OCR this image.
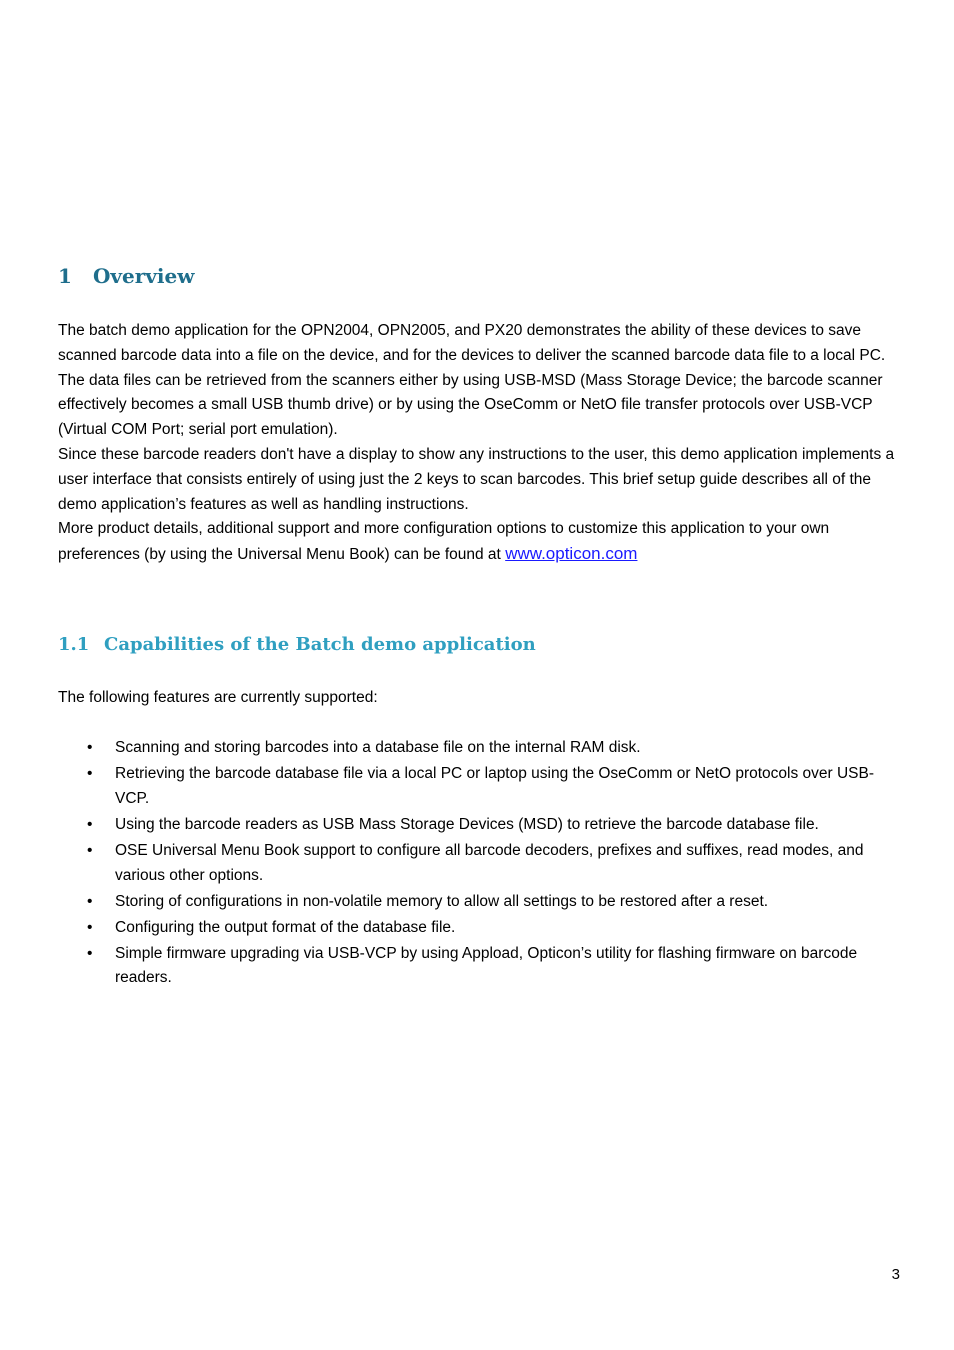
1 Overview

The batch demo application for the OPN2004, OPN2005, and PX20 demonstrates the ability of these devices to save scanned barcode data into a file on the device, and for the devices to deliver the scanned barcode data file to a local PC.

The data files can be retrieved from the scanners either by using USB-MSD (Mass Storage Device; the barcode scanner effectively becomes a small USB thumb drive) or by using the OseComm or NetO file transfer protocols over USB-VCP (Virtual COM Port; serial port emulation).

Since these barcode readers don't have a display to show any instructions to the user, this demo application implements a user interface that consists entirely of using just the 2 keys to scan barcodes. This brief setup guide describes all of the demo application’s features as well as handling instructions.

More product details, additional support and more configuration options to customize this application to your own preferences (by using the Universal Menu Book) can be found at www.opticon.com

1.1 Capabilities of the Batch demo application
The following features are currently supported:
• Scanning and storing barcodes into a database file on the internal RAM disk.
• Retrieving the barcode database file via a local PC or laptop using the OseComm or NetO protocols over USB-VCP.
• Using the barcode readers as USB Mass Storage Devices (MSD) to retrieve the barcode database file.
• OSE Universal Menu Book support to configure all barcode decoders, prefixes and suffixes, read modes, and various other options.
• Storing of configurations in non-volatile memory to allow all settings to be restored after a reset.
• Configuring the output format of the database file.
• Simple firmware upgrading via USB-VCP by using Appload, Opticon’s utility for flashing firmware on barcode readers.
3
